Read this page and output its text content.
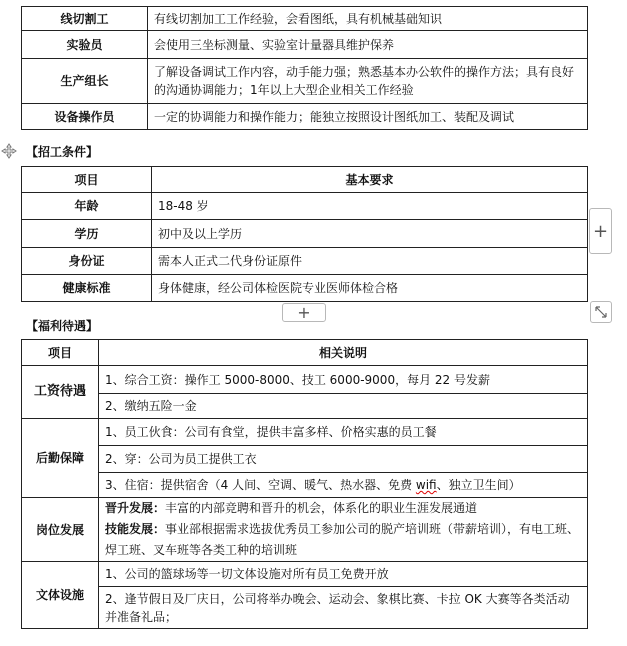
线切割工	有线切割加工工作经验，会看图纸，具有机械基础知识
实验员	会使用三坐标测量、实验室计量器具维护保养
生产组长	了解设备调试工作内容，动手能力强；熟悉基本办公软件的操作方法；具有良好的沟通协调能力；1年以上大型企业相关工作经验
设备操作员	一定的协调能力和操作能力；能独立按照设计图纸加工、装配及调试
【招工条件】
项目	基本要求
年龄	18-48 岁
学历	初中及以上学历
身份证	需本人正式二代身份证原件
健康标准	身体健康，经公司体检医院专业医师体检合格
+
+
【福利待遇】
项目	相关说明
工资待遇	1、综合工资：操作工 5000-8000、技工 6000-9000，每月 22 号发薪
	2、缴纳五险一金
后勤保障	1、员工伙食：公司有食堂，提供丰富多样、价格实惠的员工餐
	2、穿：公司为员工提供工衣
	3、住宿：提供宿舍（4 人间、空调、暖气、热水器、免费 wifi、独立卫生间）
岗位发展	晋升发展：丰富的内部竞聘和晋升的机会，体系化的职业生涯发展通道
技能发展：事业部根据需求选拔优秀员工参加公司的脱产培训班（带薪培训），有电工班、焊工班、叉车班等各类工种的培训班
文体设施	1、公司的篮球场等一切文体设施对所有员工免费开放
	2、逢节假日及厂庆日，公司将举办晚会、运动会、象棋比赛、卡拉 OK 大赛等各类活动并准备礼品；
